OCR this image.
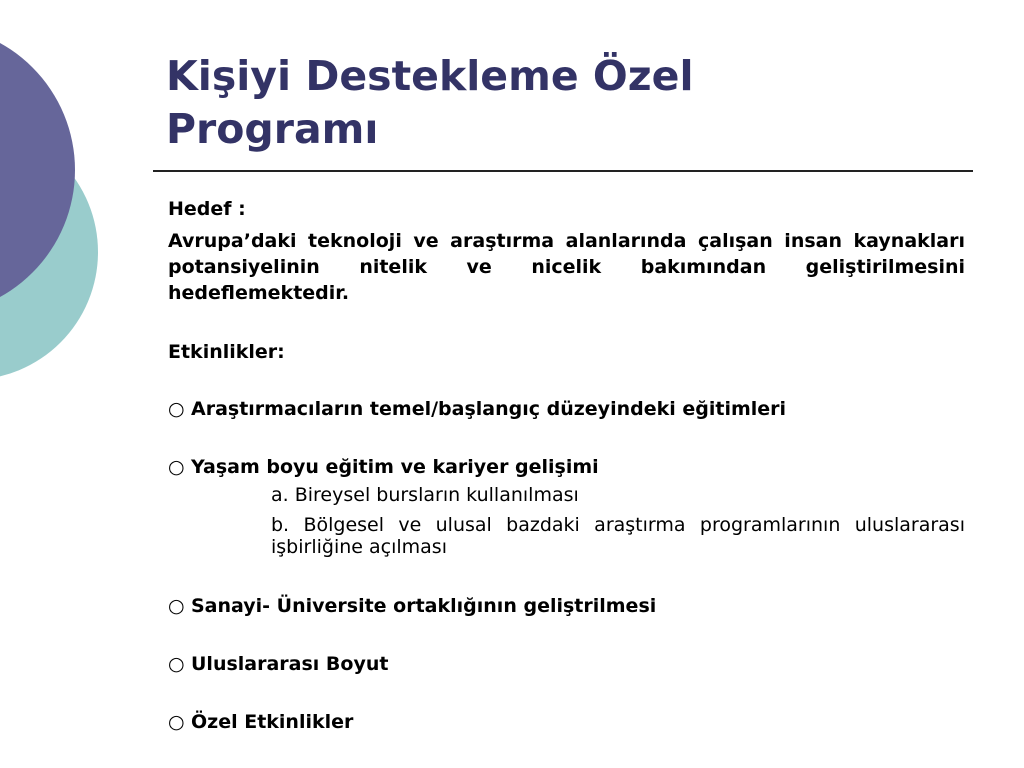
Kişiyi Destekleme Özel Programı
Hedef :
Avrupa’daki teknoloji ve araştırma alanlarında çalışan insan kaynakları potansiyelinin nitelik ve nicelik bakımından geliştirilmesini hedeflemektedir.
Etkinlikler:
○ Araştırmacıların temel/başlangıç düzeyindeki eğitimleri
○ Yaşam boyu eğitim ve kariyer gelişimi
a. Bireysel bursların kullanılması
b. Bölgesel ve ulusal bazdaki araştırma programlarının uluslararası işbirliğine açılması
○ Sanayi- Üniversite ortaklığının geliştrilmesi
○ Uluslararası Boyut
○ Özel Etkinlikler
